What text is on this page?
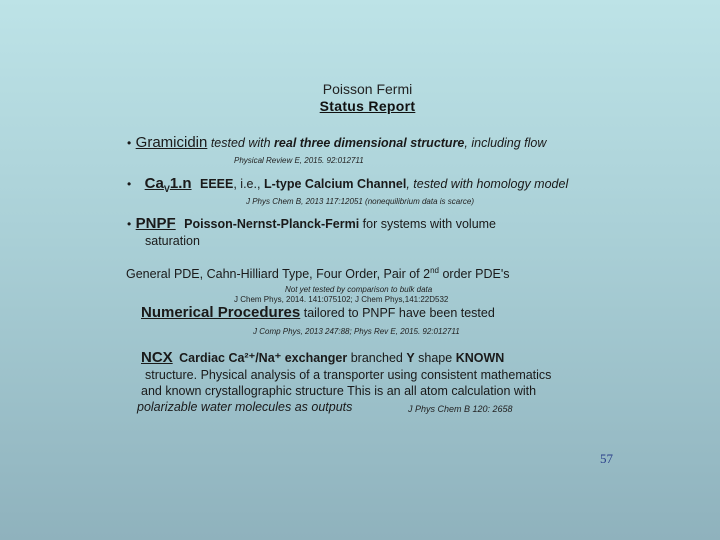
Poisson Fermi
Status Report
• Gramicidin tested with real three dimensional structure, including flow
Physical Review E, 2015. 92:012711
• $Ca_V1.n$ EEEE, i.e., L-type Calcium Channel, tested with homology model
J Phys Chem B, 2013 117:12051 (nonequilibrium data is scarce)
• PNPF Poisson-Nernst-Planck-Fermi for systems with volume
saturation
General PDE, Cahn-Hilliard Type, Four Order, Pair of 2nd order PDE's
Not yet tested by comparison to bulk data
J Chem Phys, 2014. 141:075102; J Chem Phys,141:22D532
Numerical Procedures tailored to PNPF have been tested
J Comp Phys, 2013 247:88; Phys Rev E, 2015. 92:012711
NCX Cardiac Ca²⁺/Na⁺ exchanger branched Y shape KNOWN
structure. Physical analysis of a transporter using consistent mathematics
and known crystallographic structure This is an all atom calculation with
polarizable water molecules as outputs	J Phys Chem B 120: 2658
57
